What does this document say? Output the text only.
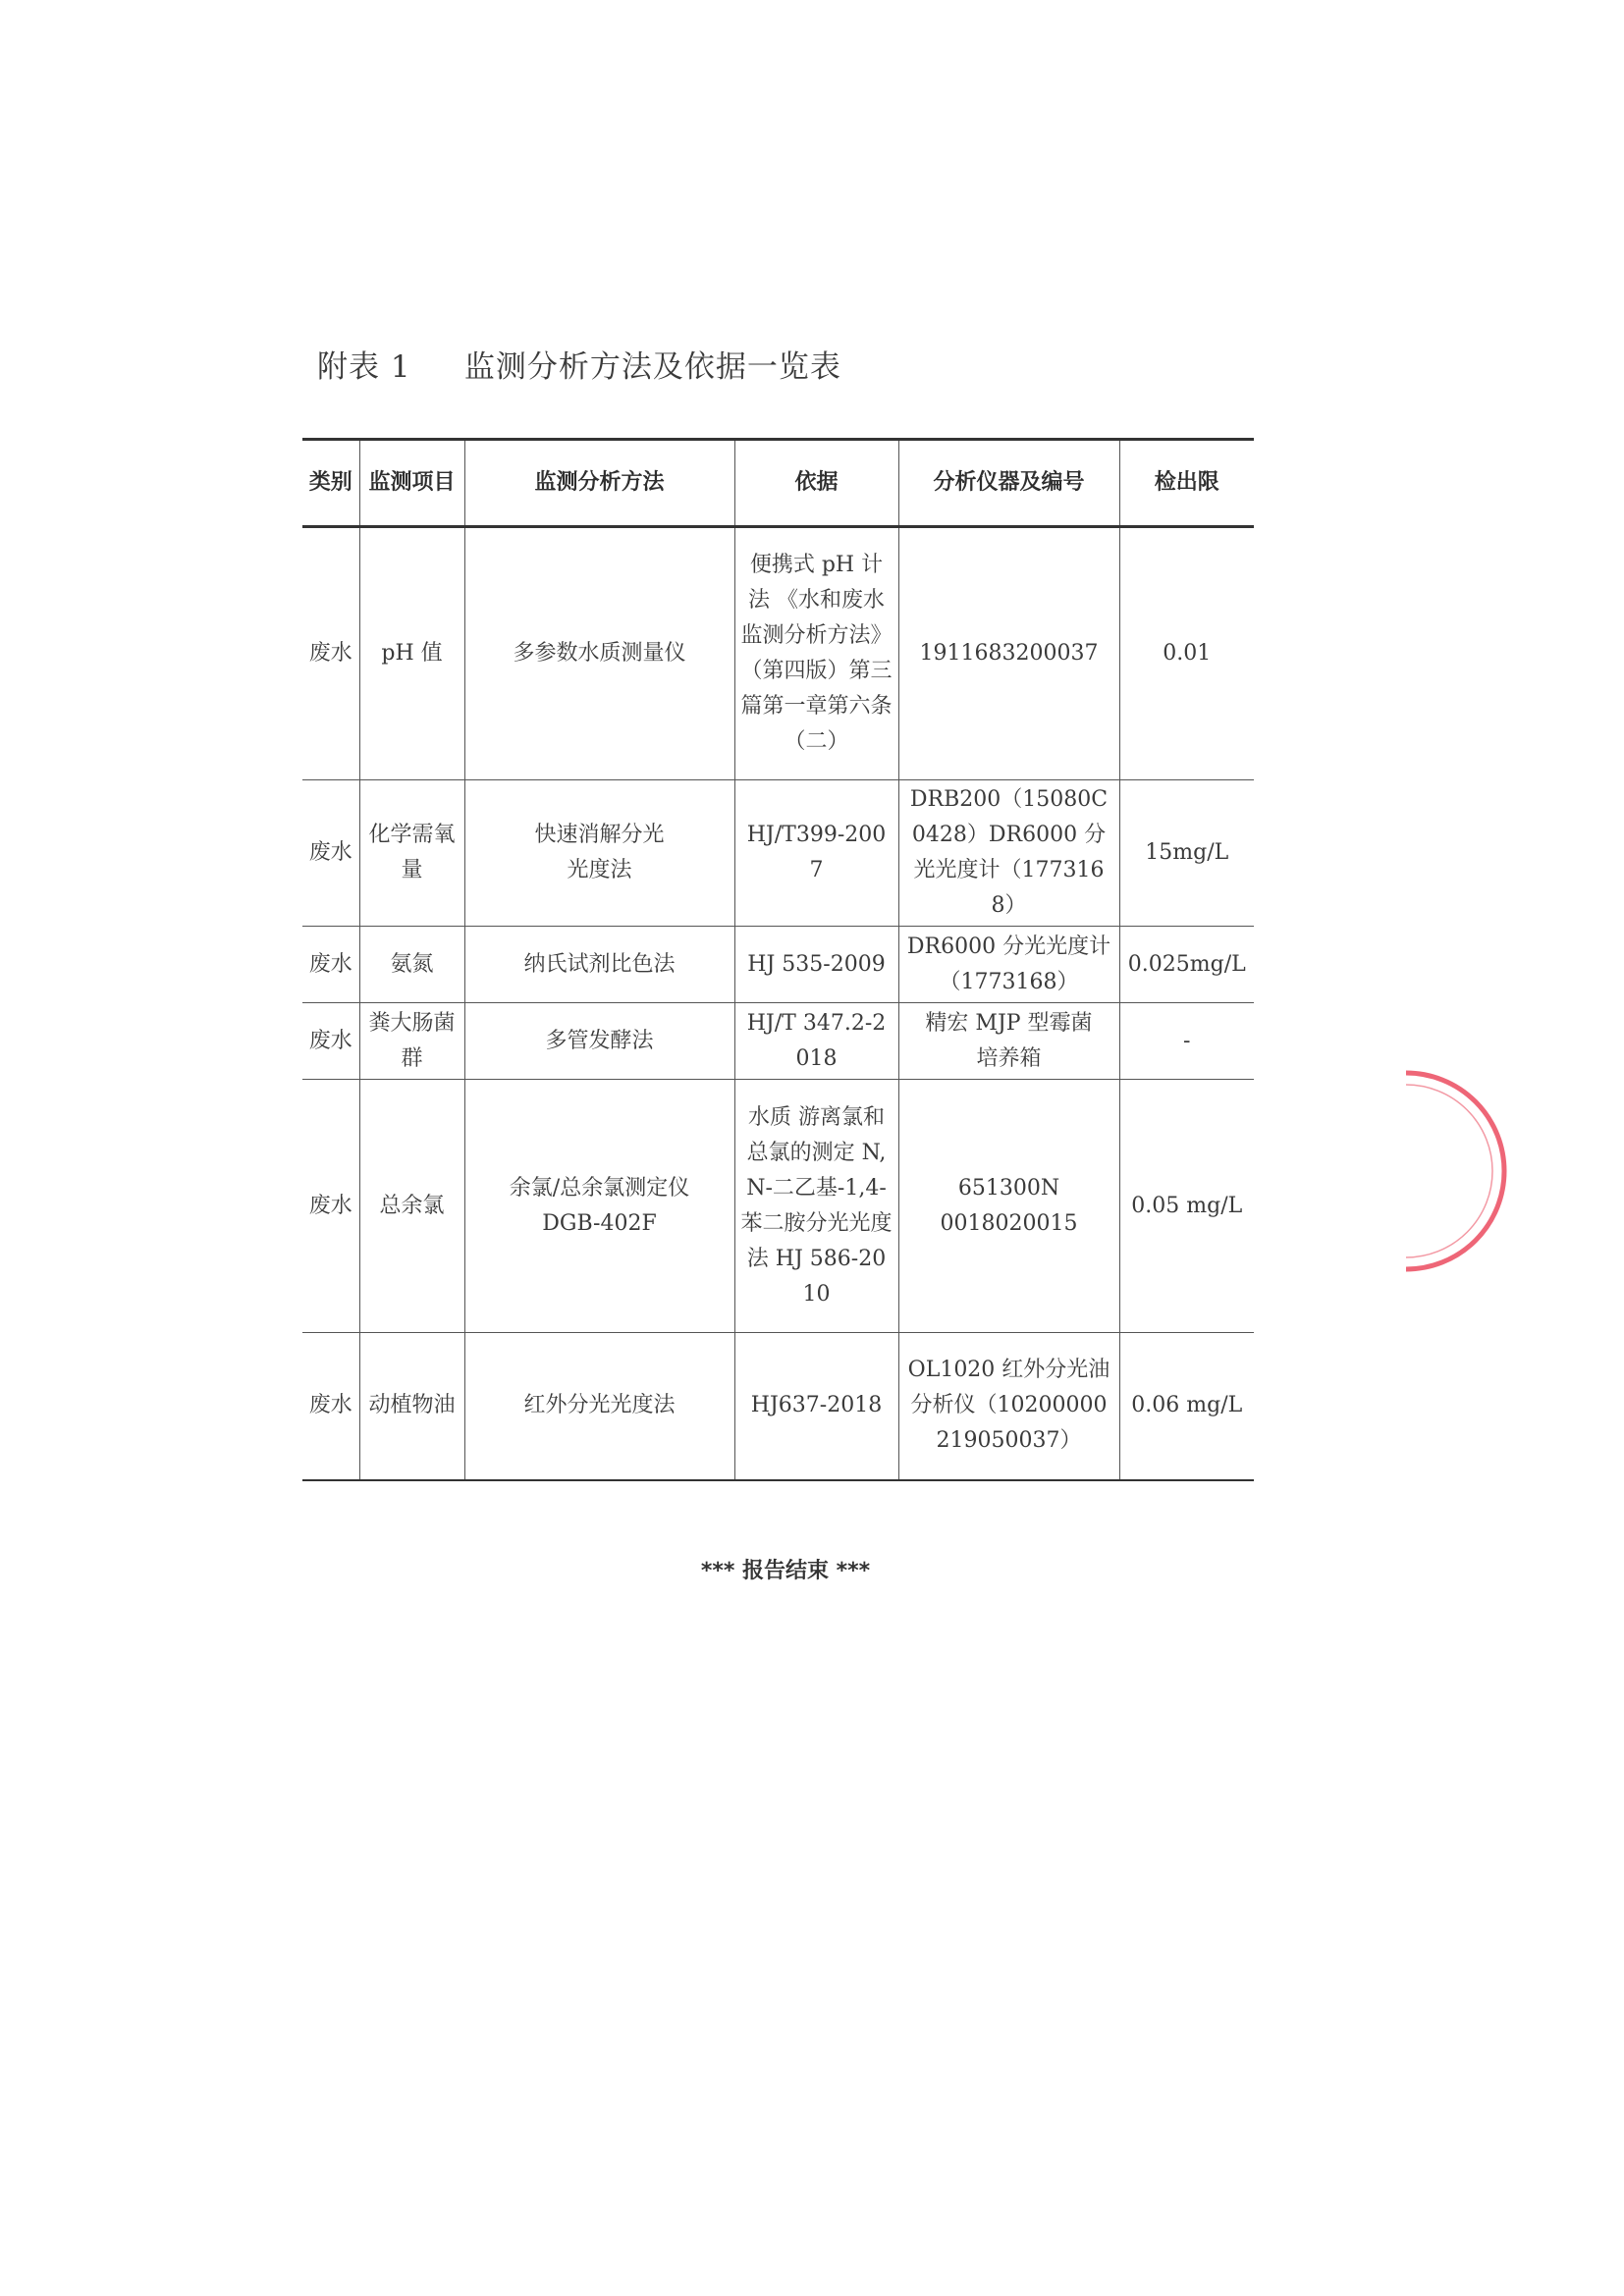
附表 1     监测分析方法及依据一览表
类别	监测项目	监测分析方法	依据	分析仪器及编号	检出限
废水	pH 值	多参数水质测量仪	便携式 pH 计法 《水和废水监测分析方法》（第四版）第三篇第一章第六条（二）	1911683200037	0.01
废水	化学需氧量	快速消解分光光度法	HJ/T399-2007	DRB200（15080C0428）DR6000 分光光度计（1773168）	15mg/L
废水	氨氮	纳氏试剂比色法	HJ 535-2009	DR6000 分光光度计（1773168）	0.025mg/L
废水	粪大肠菌群	多管发酵法	HJ/T 347.2-2018	精宏 MJP 型霉菌培养箱	-
废水	总余氯	余氯/总余氯测定仪DGB-402F	水质 游离氯和总氯的测定 N,N-二乙基-1,4-苯二胺分光光度法 HJ 586-2010	651300N 0018020015	0.05 mg/L
废水	动植物油	红外分光光度法	HJ637-2018	OL1020 红外分光油分析仪（10200000219050037）	0.06 mg/L
*** 报告结束 ***
